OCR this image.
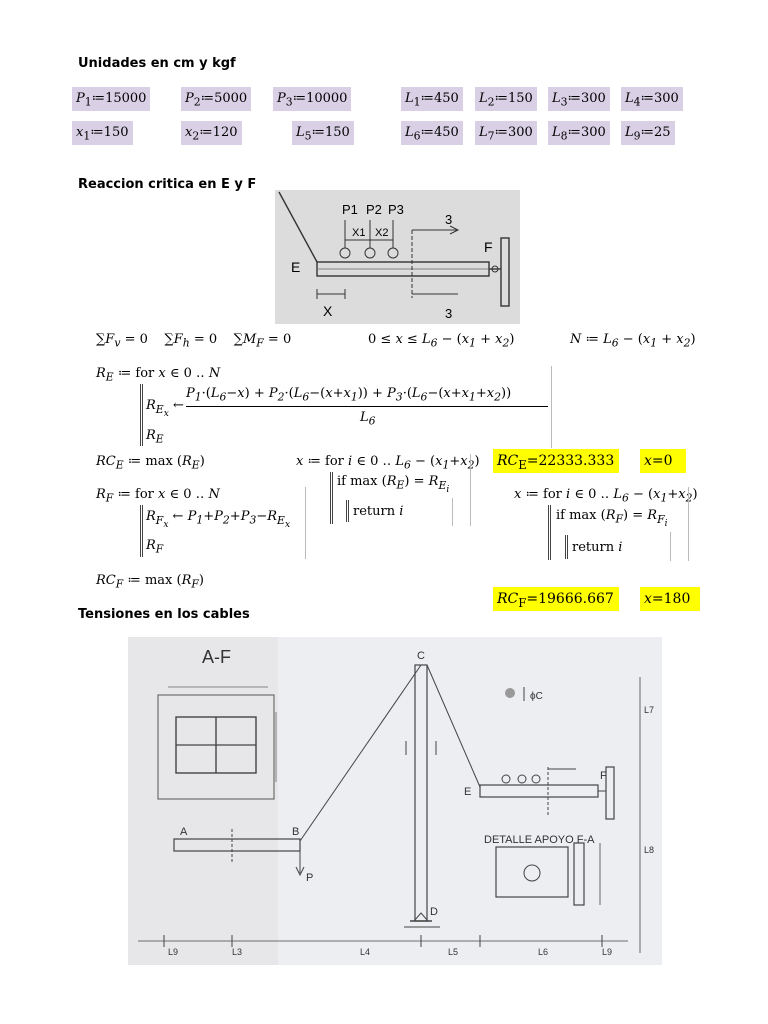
Unidades en cm y kgf
$P_1≔15000$	$P_2≔5000$	$P_3≔10000$	$L_1≔450$	$L_2≔150$	$L_3≔300$	$L_4≔300$
$x_1≔150$	$x_2≔120$	$L_5≔150$	$L_6≔450$	$L_7≔300$	$L_8≔300$	$L_9≔25$
Reaccion critica en E y F
P1 P2 P3
X1 X2
E
F
X
3
3
$\sum F_v = 0$ $\sum F_h = 0$ $\sum M_F = 0$	$0 \le x \le L_6 - (x_1 + x_2)$	N ≔ $L_6 - (x_1 + x_2)$
$R_E$ ≔ for x ∈ 0 ‥ N
$R_{E_x}$ ←
$P_1\cdot(L_6-x) + P_2\cdot(L_6-(x+x_1)) + P_3\cdot(L_6-(x+x_1+x_2))$
$L_6$
$R_E$
$RC_E$ ≔ $\max (R_E)$	x ≔ for i ∈ 0 ‥ $L_6 - (x_1+x_2)$
if $\max (R_E) = R_{E_i}$
return i
$RC_E=22333.333$	x=0
$R_F$ ≔ for x ∈ 0 ‥ N
$R_{F_x}$ ← $P_1+P_2+P_3-R_{E_x}$
$R_F$
x ≔ for i ∈ 0 ‥ $L_6 - (x_1+x_2)$
if $\max (R_F) = R_{F_i}$
return i
$RC_F$ ≔ $\max (R_F)$
$RC_F=19666.667$	x=180
Tensiones en los cables
A-F
A	B
C
D
E
F
P
DETALLE APOYO F-A
ϕC
L9	L3	L4	L5	L6	L9
L7
L8
